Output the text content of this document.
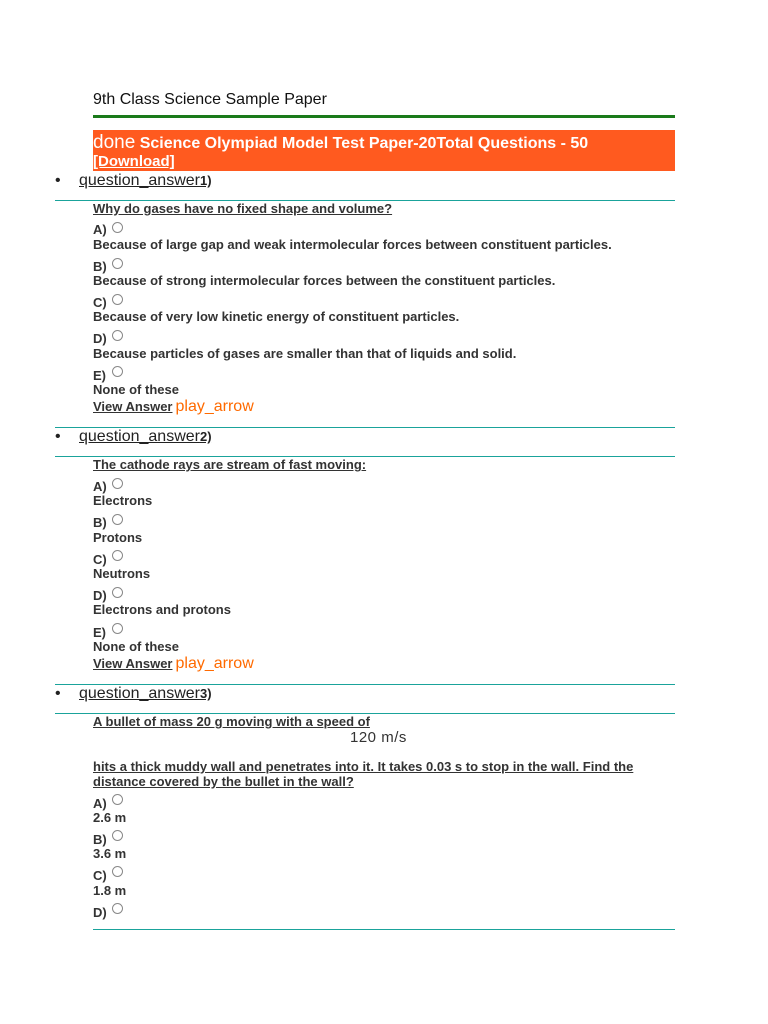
9th Class Science Sample Paper
done Science Olympiad Model Test Paper-20Total Questions - 50
[Download]
• question_answer1)
Why do gases have no fixed shape and volume?
A)
Because of large gap and weak intermolecular forces between constituent particles.
B)
Because of strong intermolecular forces between the constituent particles.
C)
Because of very low kinetic energy of constituent particles.
D)
Because particles of gases are smaller than that of liquids and solid.
E)
None of these
View Answer play_arrow
• question_answer2)
The cathode rays are stream of fast moving:
A)
Electrons
B)
Protons
C)
Neutrons
D)
Electrons and protons
E)
None of these
View Answer play_arrow
• question_answer3)
A bullet of mass 20 g moving with a speed of
120 m/s
hits a thick muddy wall and penetrates into it. It takes 0.03 s to stop in the wall. Find the distance covered by the bullet in the wall?
A)
2.6 m
B)
3.6 m
C)
1.8 m
D)
